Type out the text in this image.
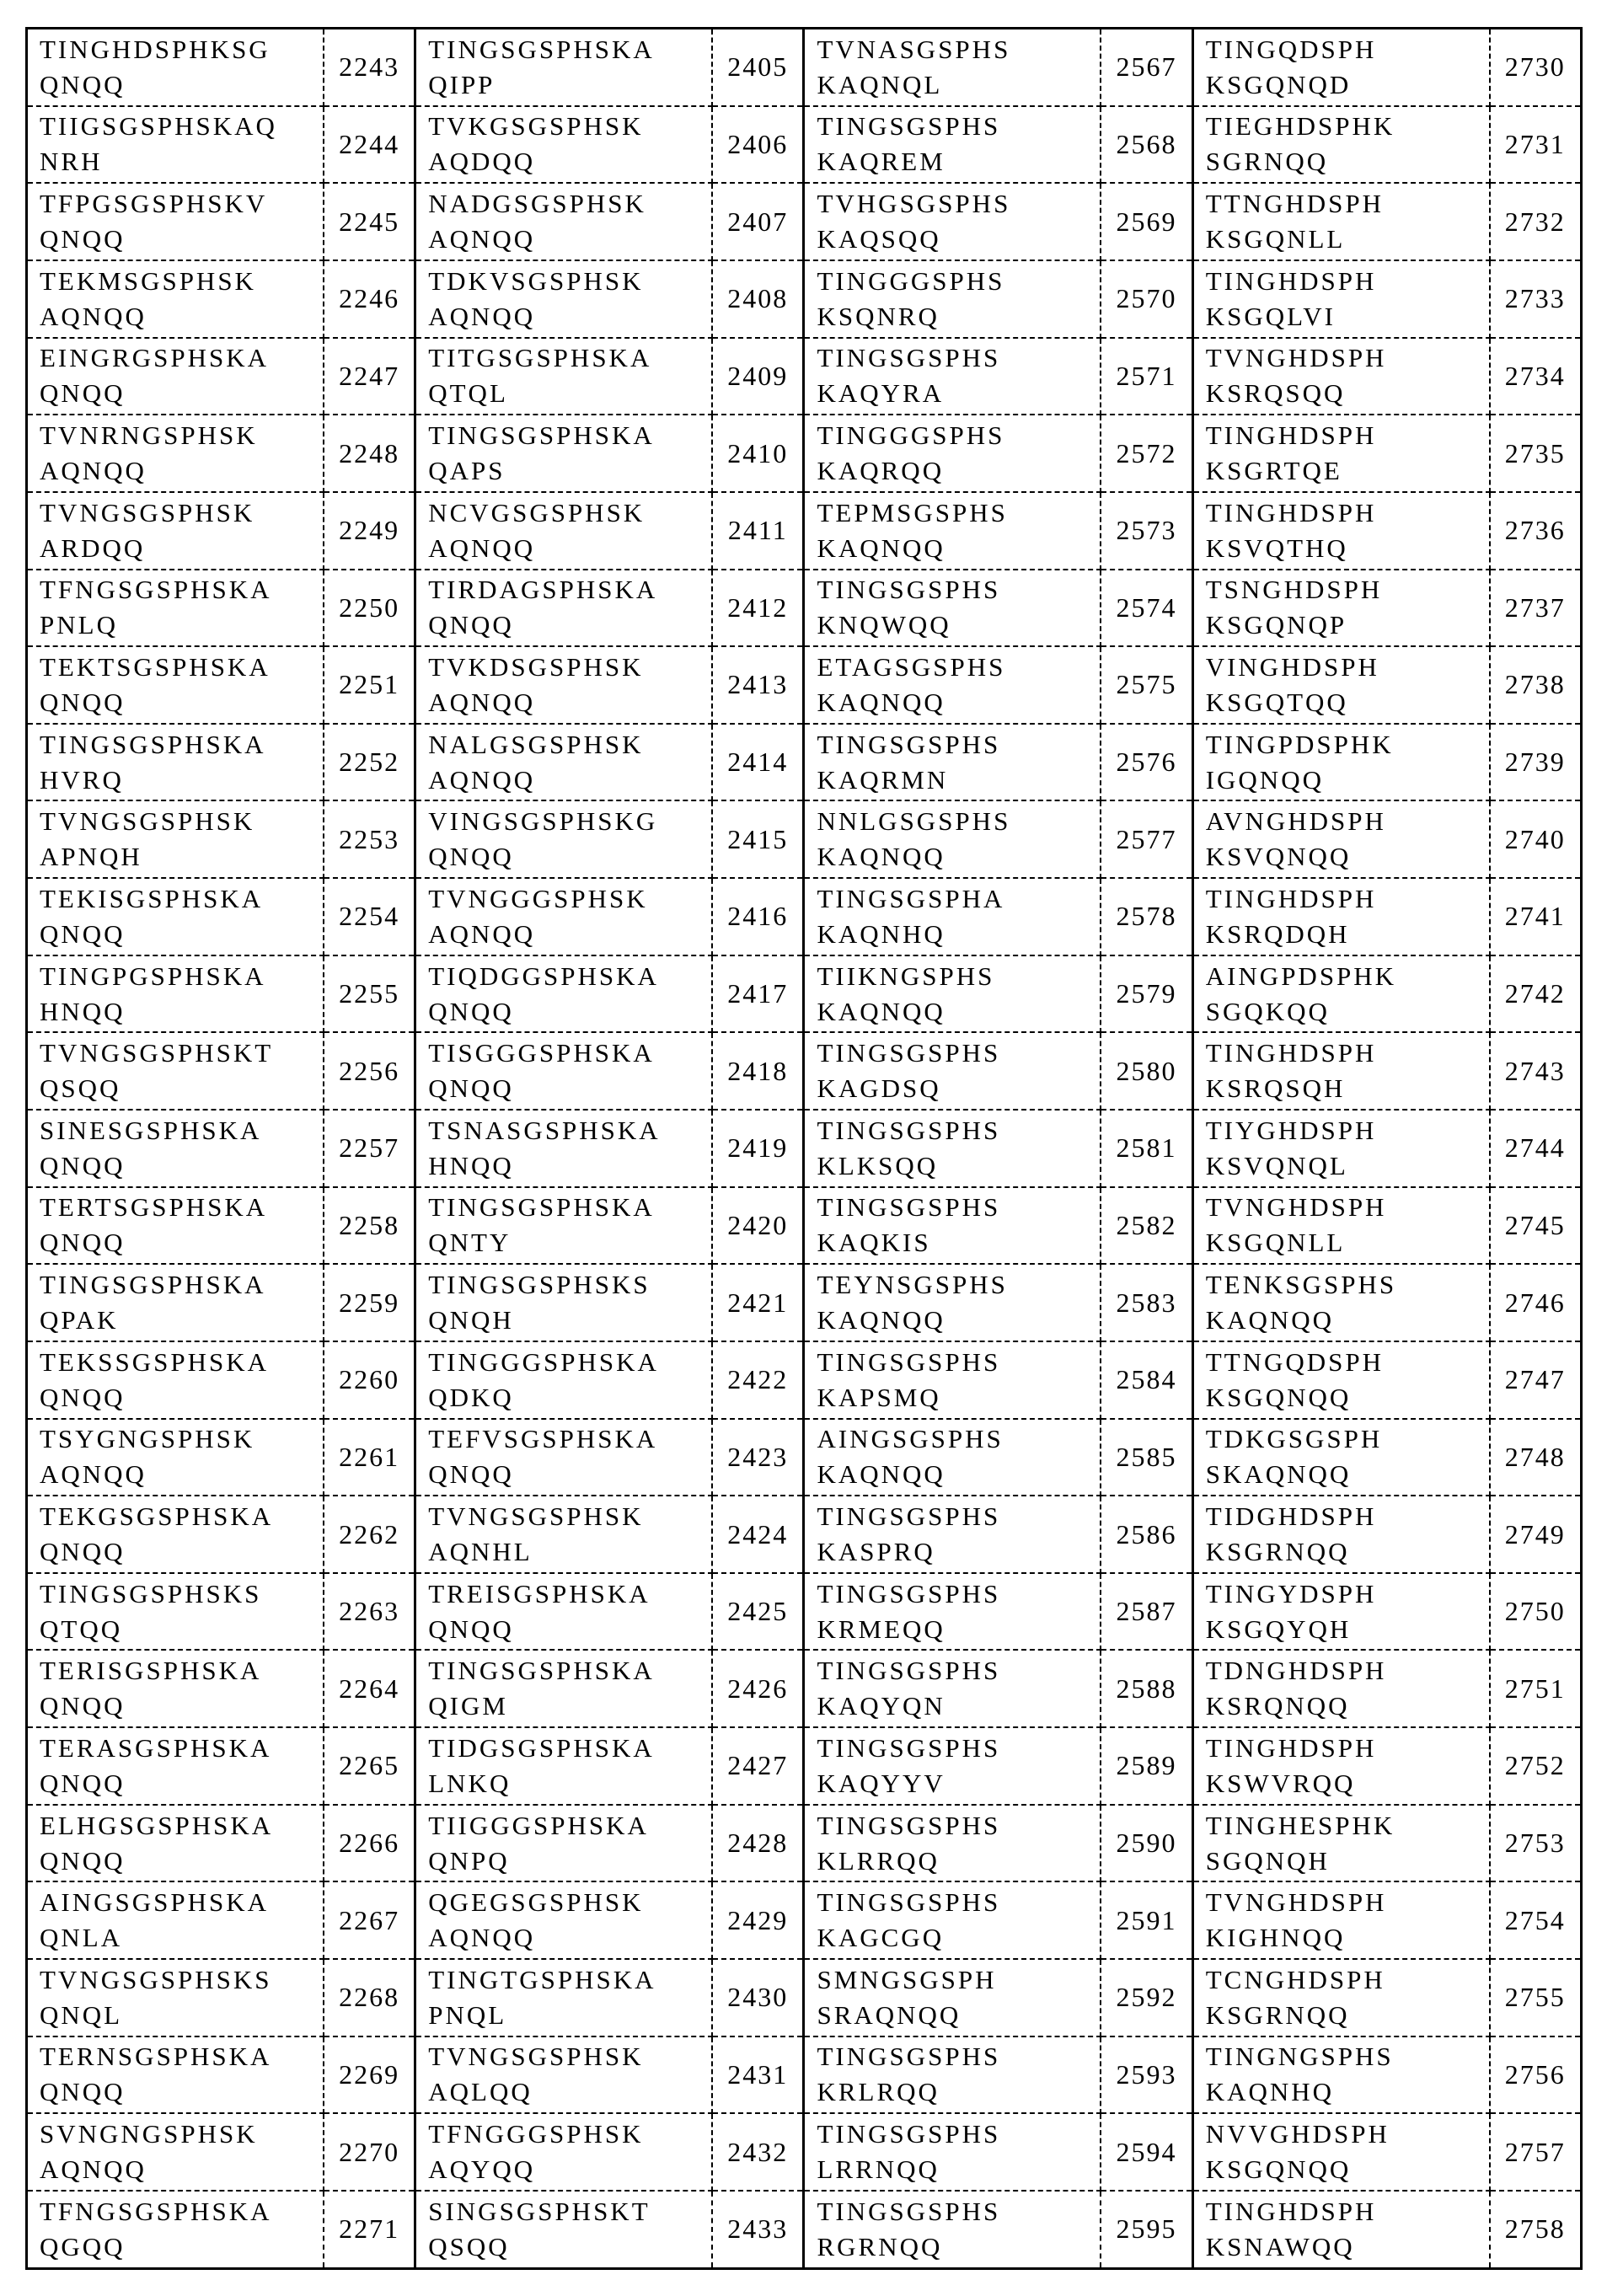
TINGHDSPHKSG
QNQQ
	2243	
TINGSGSPHSKA
QIPP
	2405	
TVNASGSPHS
KAQNQL
	2567	
TINGQDSPH
KSGQNQD
	2730

TIIGSGSPHSKAQ
NRH
	2244	
TVKGSGSPHSK
AQDQQ
	2406	
TINGSGSPHS
KAQREM
	2568	
TIEGHDSPHK
SGRNQQ
	2731

TFPGSGSPHSKV
QNQQ
	2245	
NADGSGSPHSK
AQNQQ
	2407	
TVHGSGSPHS
KAQSQQ
	2569	
TTNGHDSPH
KSGQNLL
	2732

TEKMSGSPHSK
AQNQQ
	2246	
TDKVSGSPHSK
AQNQQ
	2408	
TINGGGSPHS
KSQNRQ
	2570	
TINGHDSPH
KSGQLVI
	2733

EINGRGSPHSKA
QNQQ
	2247	
TITGSGSPHSKA
QTQL
	2409	
TINGSGSPHS
KAQYRA
	2571	
TVNGHDSPH
KSRQSQQ
	2734

TVNRNGSPHSK
AQNQQ
	2248	
TINGSGSPHSKA
QAPS
	2410	
TINGGGSPHS
KAQRQQ
	2572	
TINGHDSPH
KSGRTQE
	2735

TVNGSGSPHSK
ARDQQ
	2249	
NCVGSGSPHSK
AQNQQ
	2411	
TEPMSGSPHS
KAQNQQ
	2573	
TINGHDSPH
KSVQTHQ
	2736

TFNGSGSPHSKA
PNLQ
	2250	
TIRDAGSPHSKA
QNQQ
	2412	
TINGSGSPHS
KNQWQQ
	2574	
TSNGHDSPH
KSGQNQP
	2737

TEKTSGSPHSKA
QNQQ
	2251	
TVKDSGSPHSK
AQNQQ
	2413	
ETAGSGSPHS
KAQNQQ
	2575	
VINGHDSPH
KSGQTQQ
	2738

TINGSGSPHSKA
HVRQ
	2252	
NALGSGSPHSK
AQNQQ
	2414	
TINGSGSPHS
KAQRMN
	2576	
TINGPDSPHK
IGQNQQ
	2739

TVNGSGSPHSK
APNQH
	2253	
VINGSGSPHSKG
QNQQ
	2415	
NNLGSGSPHS
KAQNQQ
	2577	
AVNGHDSPH
KSVQNQQ
	2740

TEKISGSPHSKA
QNQQ
	2254	
TVNGGGSPHSK
AQNQQ
	2416	
TINGSGSPHA
KAQNHQ
	2578	
TINGHDSPH
KSRQDQH
	2741

TINGPGSPHSKA
HNQQ
	2255	
TIQDGGSPHSKA
QNQQ
	2417	
TIIKNGSPHS
KAQNQQ
	2579	
AINGPDSPHK
SGQKQQ
	2742

TVNGSGSPHSKT
QSQQ
	2256	
TISGGGSPHSKA
QNQQ
	2418	
TINGSGSPHS
KAGDSQ
	2580	
TINGHDSPH
KSRQSQH
	2743

SINESGSPHSKA
QNQQ
	2257	
TSNASGSPHSKA
HNQQ
	2419	
TINGSGSPHS
KLKSQQ
	2581	
TIYGHDSPH
KSVQNQL
	2744

TERTSGSPHSKA
QNQQ
	2258	
TINGSGSPHSKA
QNTY
	2420	
TINGSGSPHS
KAQKIS
	2582	
TVNGHDSPH
KSGQNLL
	2745

TINGSGSPHSKA
QPAK
	2259	
TINGSGSPHSKS
QNQH
	2421	
TEYNSGSPHS
KAQNQQ
	2583	
TENKSGSPHS
KAQNQQ
	2746

TEKSSGSPHSKA
QNQQ
	2260	
TINGGGSPHSKA
QDKQ
	2422	
TINGSGSPHS
KAPSMQ
	2584	
TTNGQDSPH
KSGQNQQ
	2747

TSYGNGSPHSK
AQNQQ
	2261	
TEFVSGSPHSKA
QNQQ
	2423	
AINGSGSPHS
KAQNQQ
	2585	
TDKGSGSPH
SKAQNQQ
	2748

TEKGSGSPHSKA
QNQQ
	2262	
TVNGSGSPHSK
AQNHL
	2424	
TINGSGSPHS
KASPRQ
	2586	
TIDGHDSPH
KSGRNQQ
	2749

TINGSGSPHSKS
QTQQ
	2263	
TREISGSPHSKA
QNQQ
	2425	
TINGSGSPHS
KRMEQQ
	2587	
TINGYDSPH
KSGQYQH
	2750

TERISGSPHSKA
QNQQ
	2264	
TINGSGSPHSKA
QIGM
	2426	
TINGSGSPHS
KAQYQN
	2588	
TDNGHDSPH
KSRQNQQ
	2751

TERASGSPHSKA
QNQQ
	2265	
TIDGSGSPHSKA
LNKQ
	2427	
TINGSGSPHS
KAQYYV
	2589	
TINGHDSPH
KSWVRQQ
	2752

ELHGSGSPHSKA
QNQQ
	2266	
TIIGGGSPHSKA
QNPQ
	2428	
TINGSGSPHS
KLRRQQ
	2590	
TINGHESPHK
SGQNQH
	2753

AINGSGSPHSKA
QNLA
	2267	
QGEGSGSPHSK
AQNQQ
	2429	
TINGSGSPHS
KAGCGQ
	2591	
TVNGHDSPH
KIGHNQQ
	2754

TVNGSGSPHSKS
QNQL
	2268	
TINGTGSPHSKA
PNQL
	2430	
SMNGSGSPH
SRAQNQQ
	2592	
TCNGHDSPH
KSGRNQQ
	2755

TERNSGSPHSKA
QNQQ
	2269	
TVNGSGSPHSK
AQLQQ
	2431	
TINGSGSPHS
KRLRQQ
	2593	
TINGNGSPHS
KAQNHQ
	2756

SVNGNGSPHSK
AQNQQ
	2270	
TFNGGGSPHSK
AQYQQ
	2432	
TINGSGSPHS
LRRNQQ
	2594	
NVVGHDSPH
KSGQNQQ
	2757

TFNGSGSPHSKA
QGQQ
	2271	
SINGSGSPHSKT
QSQQ
	2433	
TINGSGSPHS
RGRNQQ
	2595	
TINGHDSPH
KSNAWQQ
	2758
